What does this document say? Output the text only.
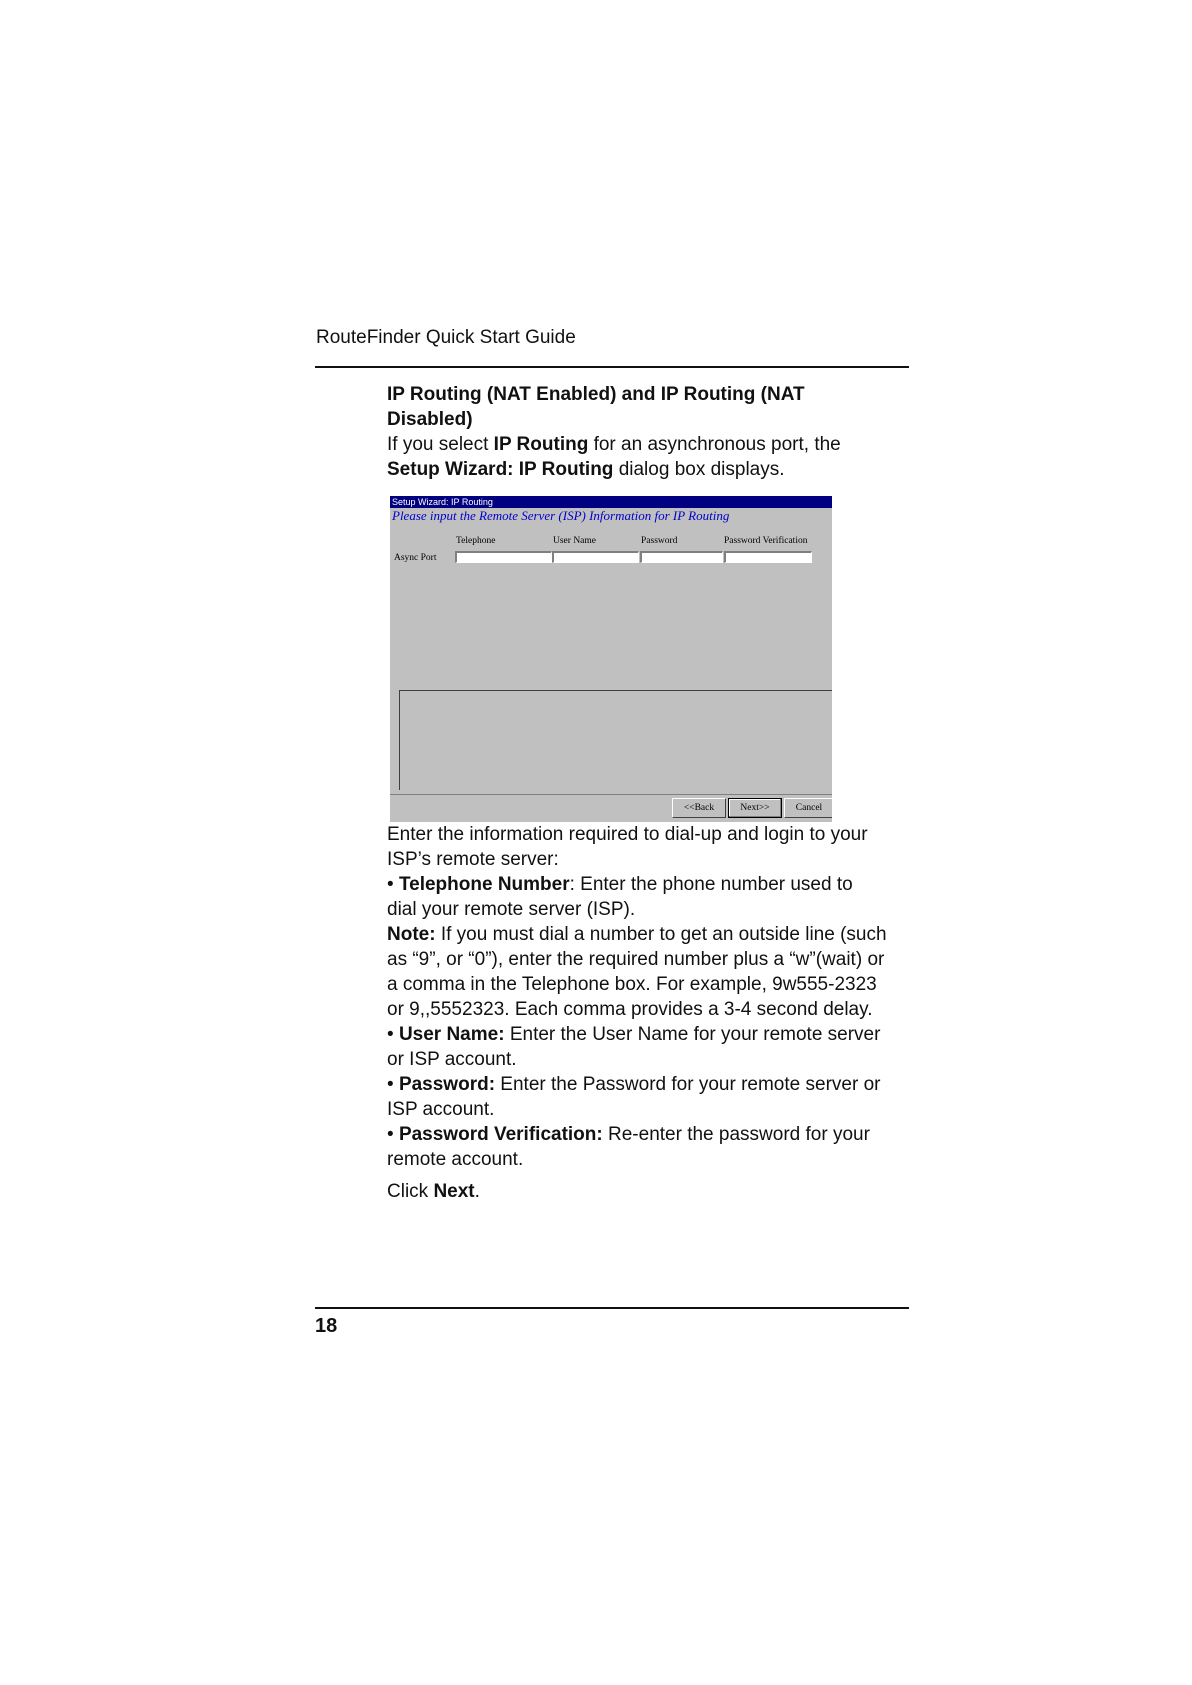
RouteFinder Quick Start Guide
IP Routing (NAT Enabled) and IP Routing (NAT
Disabled)
If you select IP Routing for an asynchronous port, the
Setup Wizard: IP Routing dialog box displays.
Setup Wizard: IP Routing
Please input the Remote Server (ISP) Information for IP Routing
Telephone	User Name	Password	Password Verification
Async Port
<<Back	Next>>	Cancel

Enter the information required to dial-up and login to your
ISP’s remote server:

• Telephone Number: Enter the phone number used to
dial your remote server (ISP).

Note: If you must dial a number to get an outside line (such
as “9”, or “0”), enter the required number plus a “w”(wait) or
a comma in the Telephone box. For example, 9w555-2323
or 9,,5552323. Each comma provides a 3-4 second delay.

• User Name: Enter the User Name for your remote server
or ISP account.

• Password: Enter the Password for your remote server or
ISP account.

• Password Verification: Re-enter the password for your
remote account.

Click Next.

18
